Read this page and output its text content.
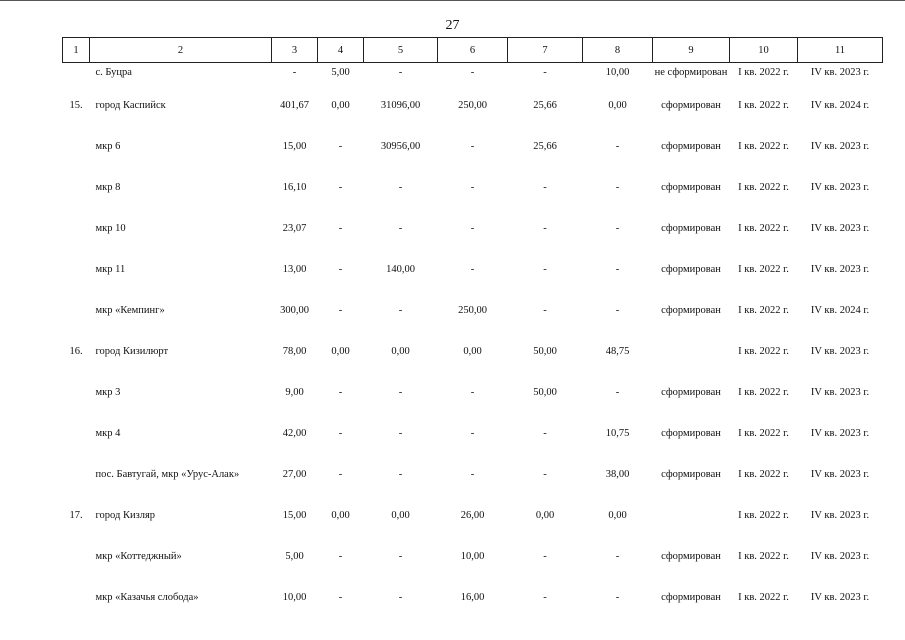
27
1	2	3	4	5	6	7	8	9	10	11
	с. Буцра	-	5,00	-	-	-	10,00	не сформирован	I кв. 2022 г.	IV кв. 2023 г.
15.	город Каспийск	401,67	0,00	31096,00	250,00	25,66	0,00	сформирован	I кв. 2022 г.	IV кв. 2024 г.
	мкр 6	15,00	-	30956,00	-	25,66	-	сформирован	I кв. 2022 г.	IV кв. 2023 г.
	мкр 8	16,10	-	-	-	-	-	сформирован	I кв. 2022 г.	IV кв. 2023 г.
	мкр 10	23,07	-	-	-	-	-	сформирован	I кв. 2022 г.	IV кв. 2023 г.
	мкр 11	13,00	-	140,00	-	-	-	сформирован	I кв. 2022 г.	IV кв. 2023 г.
	мкр «Кемпинг»	300,00	-	-	250,00	-	-	сформирован	I кв. 2022 г.	IV кв. 2024 г.
16.	город Кизилюрт	78,00	0,00	0,00	0,00	50,00	48,75		I кв. 2022 г.	IV кв. 2023 г.
	мкр 3	9,00	-	-	-	50,00	-	сформирован	I кв. 2022 г.	IV кв. 2023 г.
	мкр 4	42,00	-	-	-	-	10,75	сформирован	I кв. 2022 г.	IV кв. 2023 г.
	пос. Бавтугай, мкр «Урус-Алак»	27,00	-	-	-	-	38,00	сформирован	I кв. 2022 г.	IV кв. 2023 г.
17.	город Кизляр	15,00	0,00	0,00	26,00	0,00	0,00		I кв. 2022 г.	IV кв. 2023 г.
	мкр «Коттеджный»	5,00	-	-	10,00	-	-	сформирован	I кв. 2022 г.	IV кв. 2023 г.
	мкр «Казачья слобода»	10,00	-	-	16,00	-	-	сформирован	I кв. 2022 г.	IV кв. 2023 г.
